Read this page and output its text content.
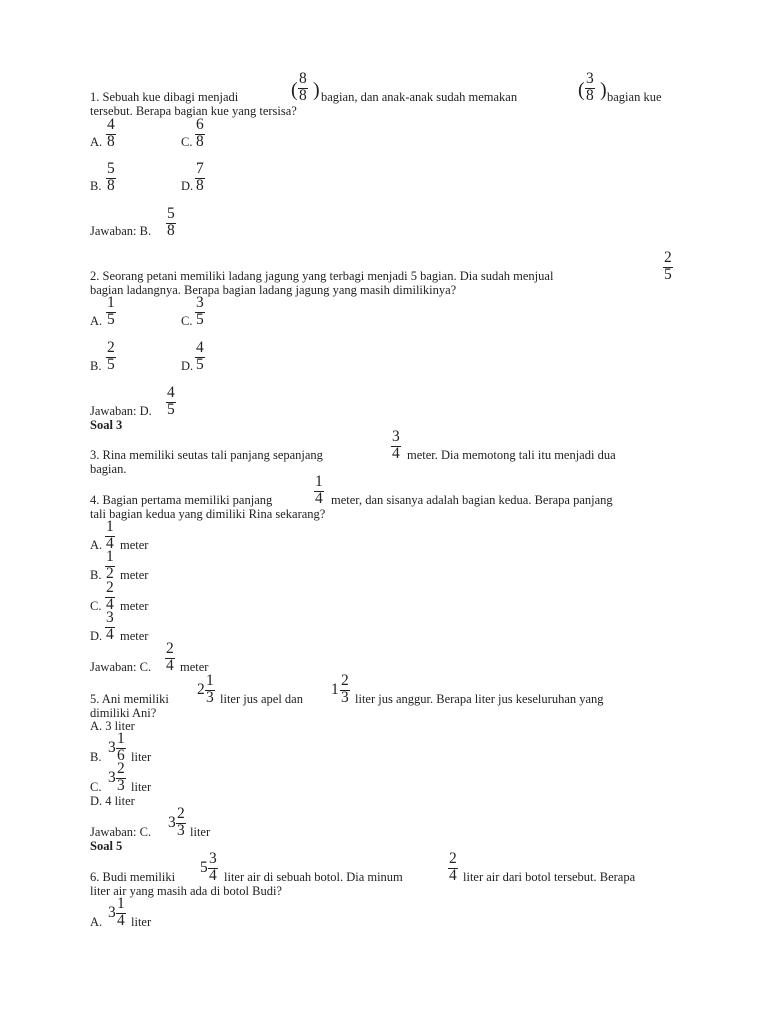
1. Sebuah kue dibagi menjadi	(
8
8 ) bagian, dan anak-anak sudah memakan	(
3
8 ) bagian kue
tersebut. Berapa bagian kue yang tersisa?
A.
4
8	C.
6
8
B.
5
8	D.
7
8
Jawaban: B.
5
8
2. Seorang petani memiliki ladang jagung yang terbagi menjadi 5 bagian. Dia sudah menjual
2
5
bagian ladangnya. Berapa bagian ladang jagung yang masih dimilikinya?
A.
1
5	C.
3
5
B.
2
5	D.
4
5
Jawaban: D.
4
5
Soal 3
3. Rina memiliki seutas tali panjang sepanjang
3
4 meter. Dia memotong tali itu menjadi dua
bagian.
4. Bagian pertama memiliki panjang
1
4 meter, dan sisanya adalah bagian kedua. Berapa panjang
tali bagian kedua yang dimiliki Rina sekarang?
A.
1
4 meter
B.
1
2 meter
C.
2
4 meter
D.
3
4 meter
Jawaban: C.
2
4 meter
5. Ani memiliki
2
1
3 liter jus apel dan
1
2
3 liter jus anggur. Berapa liter jus keseluruhan yang
dimiliki Ani?
A. 3 liter
B.
3
1
6 liter
C.
3
2
3 liter
D. 4 liter
Jawaban: C.
3
2
3 liter
Soal 5
6. Budi memiliki
5
3
4 liter air di sebuah botol. Dia minum
2
4 liter air dari botol tersebut. Berapa
liter air yang masih ada di botol Budi?
A.
3
1
4 liter
